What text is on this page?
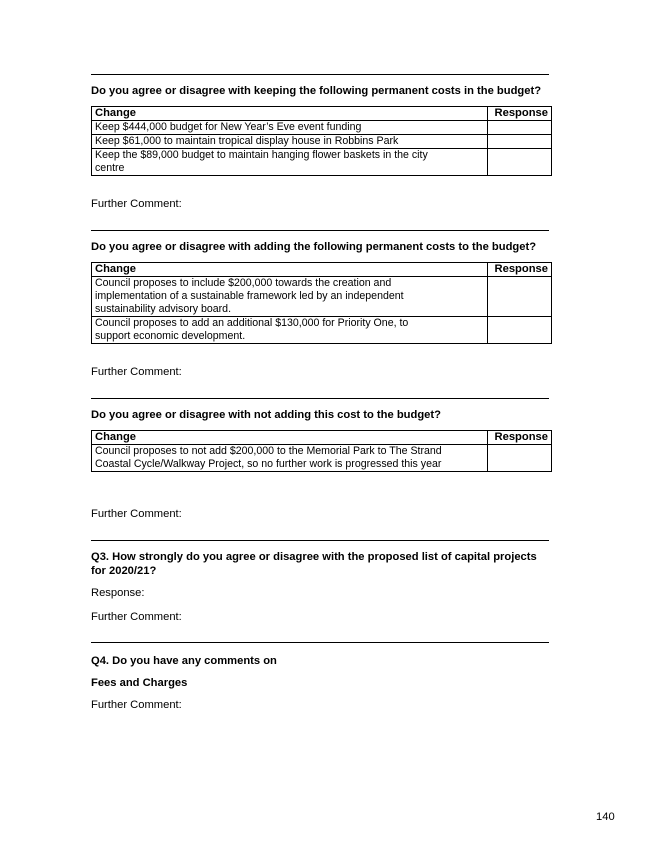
Do you agree or disagree with keeping the following permanent costs in the budget?
Change	Response
Keep $444,000 budget for New Year’s Eve event funding	
Keep $61,000 to maintain tropical display house in Robbins Park	
Keep the $89,000 budget to maintain hanging flower baskets in the city centre	
Further Comment:
Do you agree or disagree with adding the following permanent costs to the budget?
Change	Response
Council proposes to include $200,000 towards the creation and implementation of a sustainable framework led by an independent sustainability advisory board.	
Council proposes to add an additional $130,000 for Priority One, to support economic development.	
Further Comment:
Do you agree or disagree with not adding this cost to the budget?
Change	Response
Council proposes to not add $200,000 to the Memorial Park to The Strand Coastal Cycle/Walkway Project, so no further work is progressed this year	
Further Comment:
Q3. How strongly do you agree or disagree with the proposed list of capital projects for 2020/21?
Response:
Further Comment:
Q4. Do you have any comments on
Fees and Charges
Further Comment:
140
